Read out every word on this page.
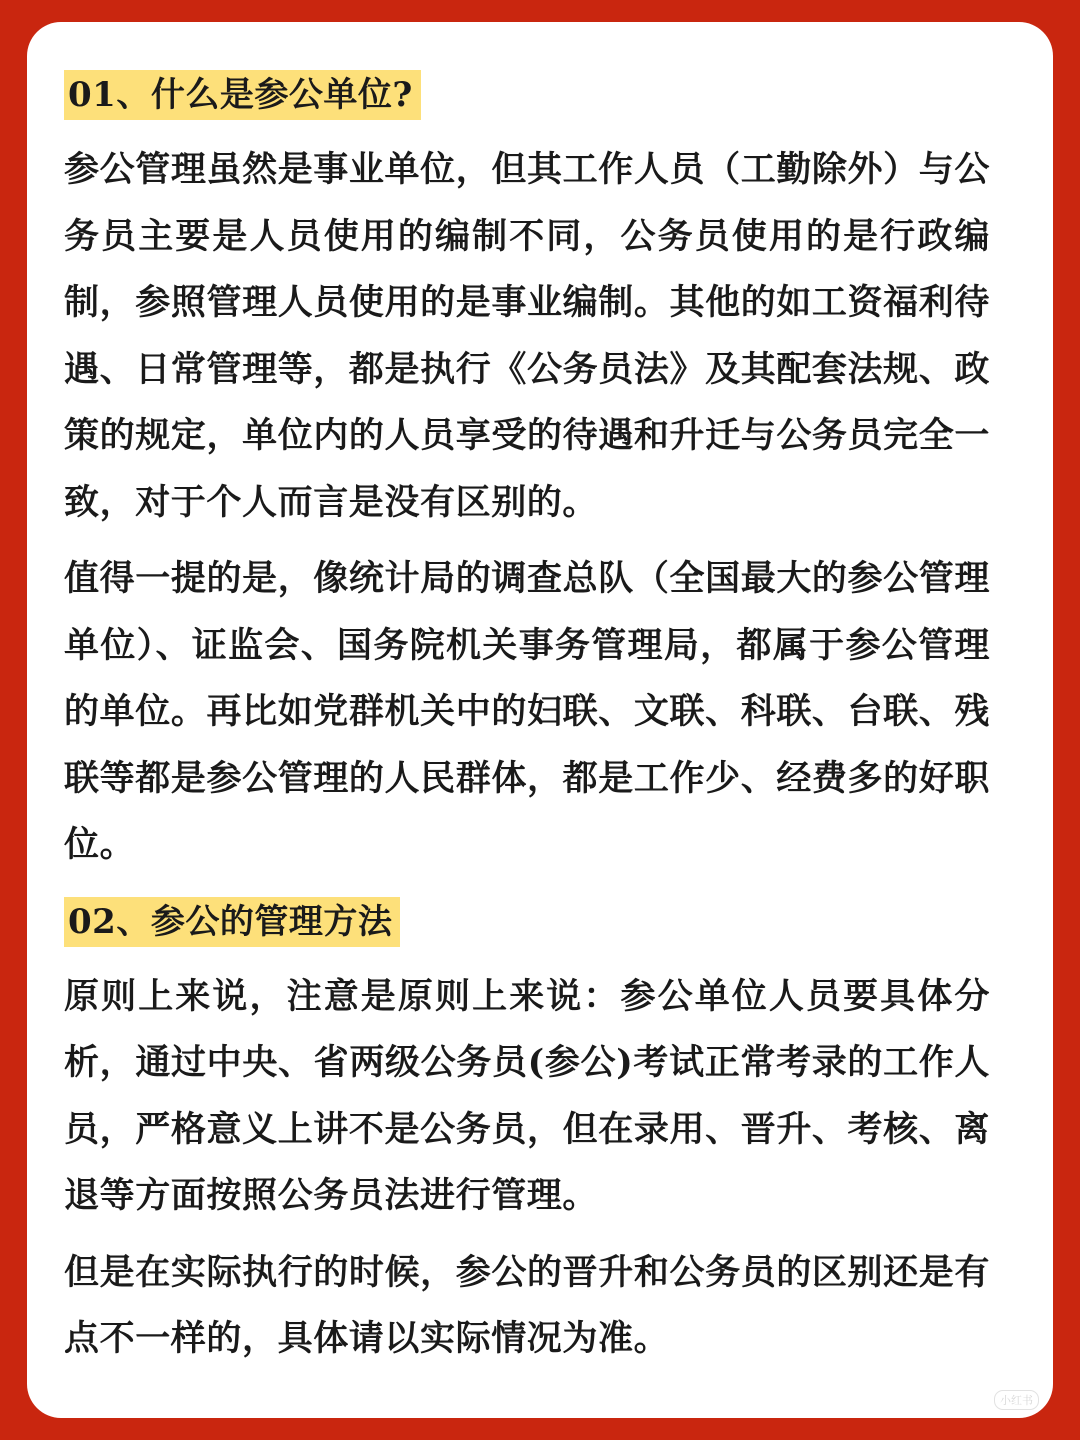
01、什么是参公单位?

参公管理虽然是事业单位，但其工作人员（工勤除外）与公务员主要是人员使用的编制不同，公务员使用的是行政编制，参照管理人员使用的是事业编制。其他的如工资福利待遇、日常管理等，都是执行《公务员法》及其配套法规、政策的规定，单位内的人员享受的待遇和升迁与公务员完全一致，对于个人而言是没有区别的。

值得一提的是，像统计局的调查总队（全国最大的参公管理单位）、证监会、国务院机关事务管理局，都属于参公管理的单位。再比如党群机关中的妇联、文联、科联、台联、残联等都是参公管理的人民群体，都是工作少、经费多的好职位。

02、参公的管理方法

原则上来说，注意是原则上来说：参公单位人员要具体分析，通过中央、省两级公务员(参公)考试正常考录的工作人员，严格意义上讲不是公务员，但在录用、晋升、考核、离退等方面按照公务员法进行管理。

但是在实际执行的时候，参公的晋升和公务员的区别还是有点不一样的，具体请以实际情况为准。

小红书
